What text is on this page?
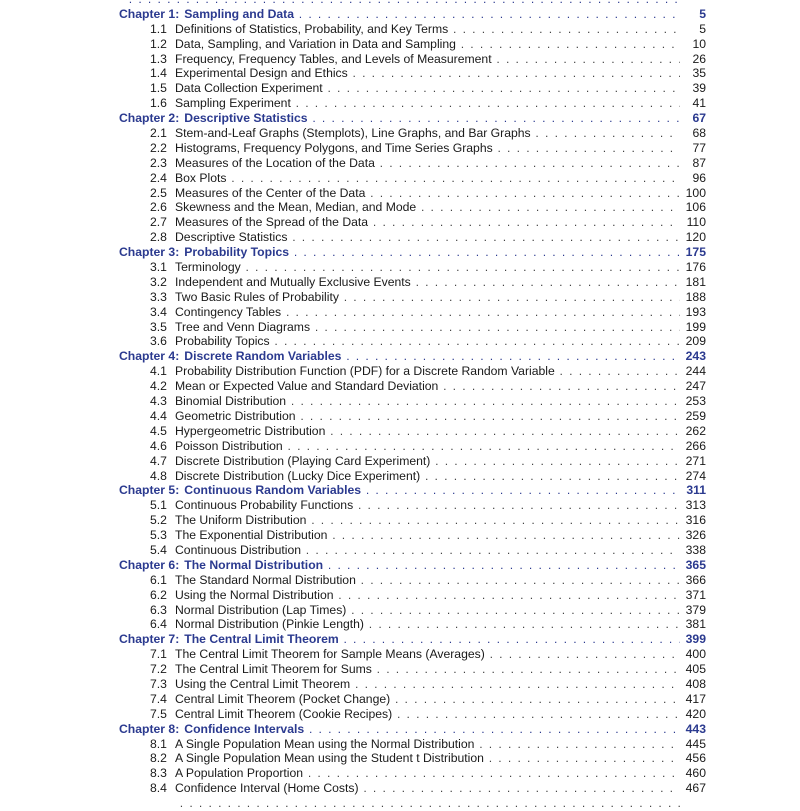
. . .
Chapter 1: Sampling and Data . . .	5
1.1 Definitions of Statistics, Probability, and Key Terms . . .	5
1.2 Data, Sampling, and Variation in Data and Sampling . . .	10
1.3 Frequency, Frequency Tables, and Levels of Measurement . . .	26
1.4 Experimental Design and Ethics . . .	35
1.5 Data Collection Experiment . . .	39
1.6 Sampling Experiment . . .	41
Chapter 2: Descriptive Statistics . . .	67
2.1 Stem-and-Leaf Graphs (Stemplots), Line Graphs, and Bar Graphs . . .	68
2.2 Histograms, Frequency Polygons, and Time Series Graphs . . .	77
2.3 Measures of the Location of the Data . . .	87
2.4 Box Plots . . .	96
2.5 Measures of the Center of the Data . . .	100
2.6 Skewness and the Mean, Median, and Mode . . .	106
2.7 Measures of the Spread of the Data . . .	110
2.8 Descriptive Statistics . . .	120
Chapter 3: Probability Topics . . .	175
3.1 Terminology . . .	176
3.2 Independent and Mutually Exclusive Events . . .	181
3.3 Two Basic Rules of Probability . . .	188
3.4 Contingency Tables . . .	193
3.5 Tree and Venn Diagrams . . .	199
3.6 Probability Topics . . .	209
Chapter 4: Discrete Random Variables . . .	243
4.1 Probability Distribution Function (PDF) for a Discrete Random Variable . . .	244
4.2 Mean or Expected Value and Standard Deviation . . .	247
4.3 Binomial Distribution . . .	253
4.4 Geometric Distribution . . .	259
4.5 Hypergeometric Distribution . . .	262
4.6 Poisson Distribution . . .	266
4.7 Discrete Distribution (Playing Card Experiment) . . .	271
4.8 Discrete Distribution (Lucky Dice Experiment) . . .	274
Chapter 5: Continuous Random Variables . . .	311
5.1 Continuous Probability Functions . . .	313
5.2 The Uniform Distribution . . .	316
5.3 The Exponential Distribution . . .	326
5.4 Continuous Distribution . . .	338
Chapter 6: The Normal Distribution . . .	365
6.1 The Standard Normal Distribution . . .	366
6.2 Using the Normal Distribution . . .	371
6.3 Normal Distribution (Lap Times) . . .	379
6.4 Normal Distribution (Pinkie Length) . . .	381
Chapter 7: The Central Limit Theorem . . .	399
7.1 The Central Limit Theorem for Sample Means (Averages) . . .	400
7.2 The Central Limit Theorem for Sums . . .	405
7.3 Using the Central Limit Theorem . . .	408
7.4 Central Limit Theorem (Pocket Change) . . .	417
7.5 Central Limit Theorem (Cookie Recipes) . . .	420
Chapter 8: Confidence Intervals . . .	443
8.1 A Single Population Mean using the Normal Distribution . . .	445
8.2 A Single Population Mean using the Student t Distribution . . .	456
8.3 A Population Proportion . . .	460
8.4 Confidence Interval (Home Costs) . . .	467
. . .
